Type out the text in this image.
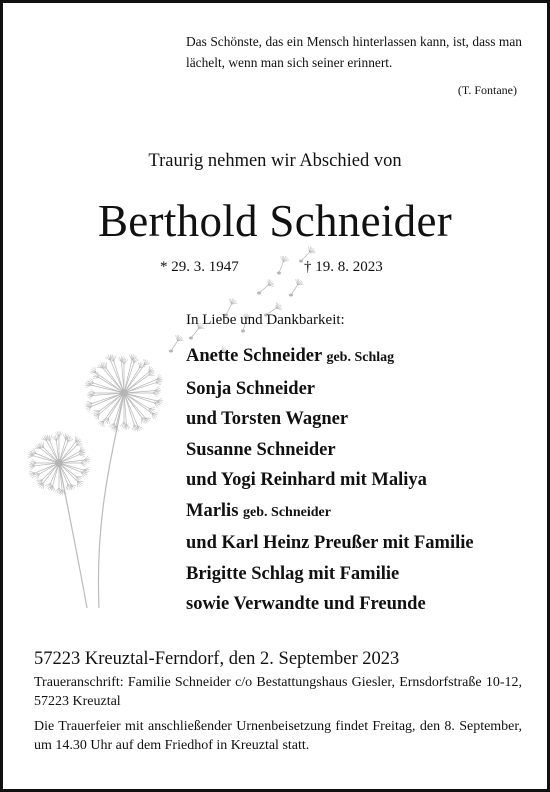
Das Schönste, das ein Mensch hinterlassen kann, ist, dass man lächelt, wenn man sich seiner erinnert.
(T. Fontane)
Traurig nehmen wir Abschied von
Berthold Schneider
* 29. 3. 1947	† 19. 8. 2023
In Liebe und Dankbarkeit:
Anette Schneider geb. Schlag
Sonja Schneider
und Torsten Wagner
Susanne Schneider
und Yogi Reinhard mit Maliya
Marlis geb. Schneider
und Karl Heinz Preußer mit Familie
Brigitte Schlag mit Familie
sowie Verwandte und Freunde
57223 Kreuztal-Ferndorf, den 2. September 2023
Traueranschrift: Familie Schneider c/o Bestattungshaus Giesler, Ernsdorfstraße 10-12, 57223 Kreuztal
Die Trauerfeier mit anschließender Urnenbeisetzung findet Freitag, den 8. September, um 14.30 Uhr auf dem Friedhof in Kreuztal statt.
